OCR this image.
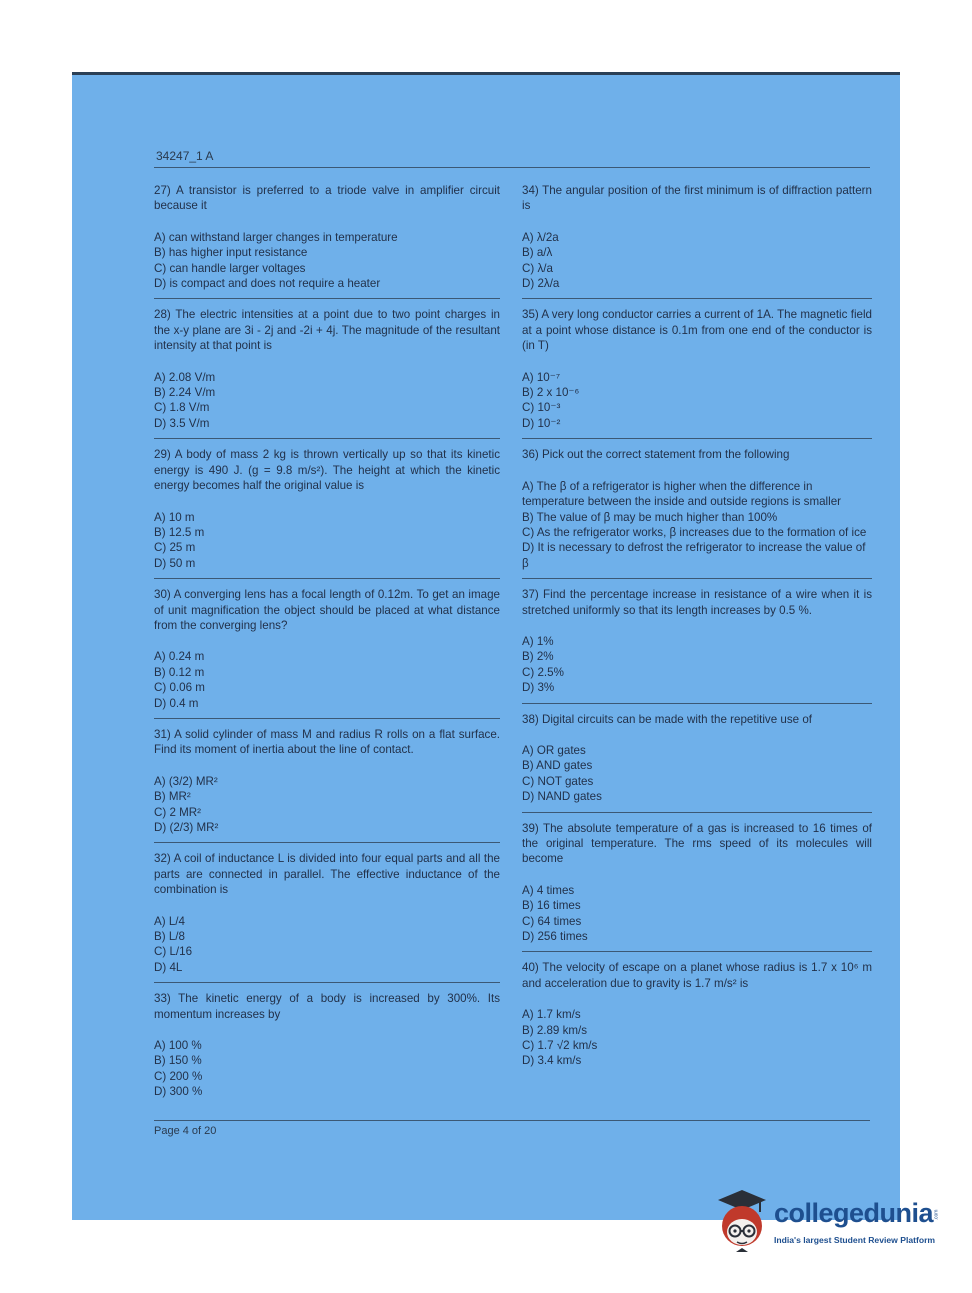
34247_1 A
27) A transistor is preferred to a triode valve in amplifier circuit because it
A) can withstand larger changes in temperature
B) has higher input resistance
C) can handle larger voltages
D) is compact and does not require a heater
28) The electric intensities at a point due to two point charges in the x-y plane are 3i - 2j and -2i + 4j. The magnitude of the resultant intensity at that point is
A) 2.08 V/m
B) 2.24 V/m
C) 1.8 V/m
D) 3.5 V/m
29) A body of mass 2 kg is thrown vertically up so that its kinetic energy is 490 J. (g = 9.8 m/s²). The height at which the kinetic energy becomes half the original value is
A) 10 m
B) 12.5 m
C) 25 m
D) 50 m
30) A converging lens has a focal length of 0.12m. To get an image of unit magnification the object should be placed at what distance from the converging lens?
A) 0.24 m
B) 0.12 m
C) 0.06 m
D) 0.4 m
31) A solid cylinder of mass M and radius R rolls on a flat surface. Find its moment of inertia about the line of contact.
A) (3/2) MR²
B) MR²
C) 2 MR²
D) (2/3) MR²
32) A coil of inductance L is divided into four equal parts and all the parts are connected in parallel. The effective inductance of the combination is
A) L/4
B) L/8
C) L/16
D) 4L
33) The kinetic energy of a body is increased by 300%. Its momentum increases by
A) 100 %
B) 150 %
C) 200 %
D) 300 %
34) The angular position of the first minimum is of diffraction pattern is
A) λ/2a
B) a/λ
C) λ/a
D) 2λ/a
35) A very long conductor carries a current of 1A. The magnetic field at a point whose distance is 0.1m from one end of the conductor is (in T)
A) 10⁻⁷
B) 2 x 10⁻⁶
C) 10⁻³
D) 10⁻²
36) Pick out the correct statement from the following
A) The β of a refrigerator is higher when the difference in temperature between the inside and outside regions is smaller
B) The value of β may be much higher than 100%
C) As the refrigerator works, β increases due to the formation of ice
D) It is necessary to defrost the refrigerator to increase the value of β
37) Find the percentage increase in resistance of a wire when it is stretched uniformly so that its length increases by 0.5 %.
A) 1%
B) 2%
C) 2.5%
D) 3%
38) Digital circuits can be made with the repetitive use of
A) OR gates
B) AND gates
C) NOT gates
D) NAND gates
39) The absolute temperature of a gas is increased to 16 times of the original temperature. The rms speed of its molecules will become
A) 4 times
B) 16 times
C) 64 times
D) 256 times
40) The velocity of escape on a planet whose radius is 1.7 x 10⁶ m and acceleration due to gravity is 1.7 m/s² is
A) 1.7 km/s
B) 2.89 km/s
C) 1.7 √2 km/s
D) 3.4 km/s
Page 4 of 20
collegedunia .com
India's largest Student Review Platform
